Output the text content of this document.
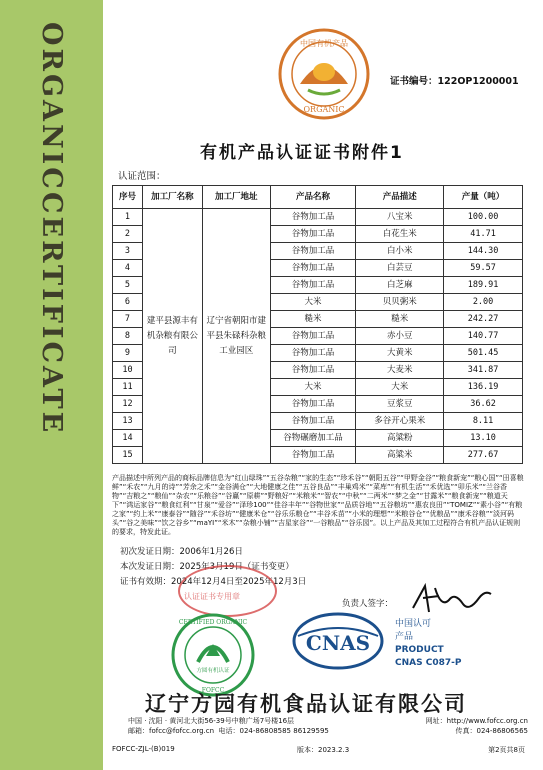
ORGANIC
CERTIFICATE
中国有机产品
ORGANIC
证书编号：122OP1200001
有机产品认证证书附件1
认证范围：
序号	加工厂名称	加工厂地址	产品名称	产品描述	产量（吨）
1	建平县源丰有机杂粮有限公司	辽宁省朝阳市建平县朱碌科杂粮工业园区	谷物加工品	八宝米	100.00
2			谷物加工品	白花生米	41.71
3			谷物加工品	白小米	144.30
4			谷物加工品	白芸豆	59.57
5			谷物加工品	白芝麻	189.91
6			大米	贝贝粥米	2.00
7			糙米	糙米	242.27
8			谷物加工品	赤小豆	140.77
9			谷物加工品	大黄米	501.45
10			谷物加工品	大麦米	341.87
11			大米	大米	136.19
12			谷物加工品	豆浆豆	36.62
13			谷物加工品	多谷开心果米	8.11
14			谷物碾磨加工品	高粱粉	13.10
15			谷物加工品	高粱米	277.67
产品描述中所列产品的商标品牌信息为“红山绿珠”“五谷杂粮”“家的生态”“珍禾谷”“朝阳五谷”“甲野金谷”“粮食新宠”“粮心国”“田喜粮鲜”“禾农”“九月的诗”“芳余之禾”“金谷满仓”“大地健康之佳”“五谷良品”“丰巢鸡米”“菜库”“有机生活”“禾优选”“卯乐米”“兰谷香物”“吉粮之”“粮仙”“杂农”“乐粮谷”“谷赢”“原耕”“野粮好”“米粮米”“智农”“中秋”“二两米”“梦之金”“甘露米”“粮食新宠”“粮道天下”“鸿运家谷”“粮食红利”“甘泉”“爱谷”“泽珍100”“佳谷丰年”“谷物世家”“品质谷地”“五谷粮坊”“惠农良田”“TOMIZ”“素小谷”“有粮之家”“约上米”“康泰谷”“随谷”“禾谷坊”“健康米仓”“谷乐乐粮仓”“丰谷禾苗”“小米的理想”“米粮谷仓”“优粮品”“康禾谷粮”“淡河码头”“谷之美味”“饮之谷乡”“maYI”“米木”“杂粮小铺”“吉星家谷”“一谷粮品”“谷乐园”。以上产品及其加工过程符合有机产品认证规则的要求，特发此证。
初次发证日期：2006年1月26日
本次发证日期：2025年3月19日（证书变更）
证书有效期：2024年12月4日至2025年12月3日
认证证书专用章
负责人签字：
CERTIFIED ORGANIC
FOFCC
方圆有机认证
CNAS
中国认可
产品
PRODUCT
CNAS C087-P
辽宁方园有机食品认证有限公司
中国 · 沈阳 · 黄河北大街56-39号中粮广场7号楼16层	网址：http://www.fofcc.org.cn
邮箱：fofcc@fofcc.org.cn 电话：024-86808585 86129595	传真：024-86806565
FOFCC-ZJL-(B)019	版本：2023.2.3	第2页共8页
